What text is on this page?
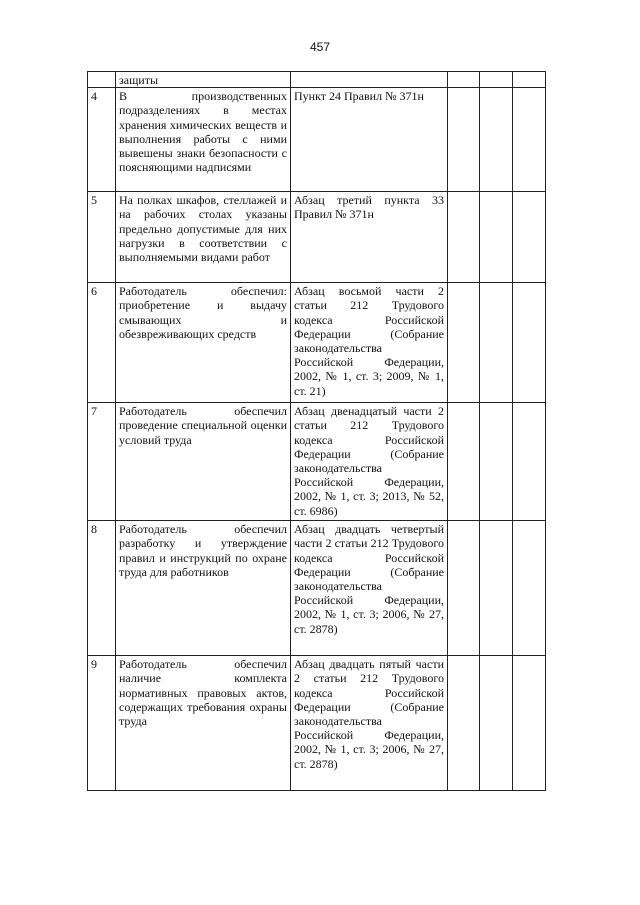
457
	защиты				
4	В производственных подразделениях в местах хранения химических веществ и выполнения работы с ними вывешены знаки безопасности с поясняющими надписями	Пункт 24 Правил № 371н			
5	На полках шкафов, стеллажей и на рабочих столах указаны предельно допустимые для них нагрузки в соответствии с выполняемыми видами работ	Абзац третий пункта 33 Правил № 371н			
6	Работодатель обеспечил: приобретение и выдачу смывающих и обезвреживающих средств	Абзац восьмой части 2 статьи 212 Трудового кодекса Российской Федерации (Собрание законодательства Российской Федерации, 2002, № 1, ст. 3; 2009, № 1, ст. 21)			
7	Работодатель обеспечил проведение специальной оценки условий труда	Абзац двенадцатый части 2 статьи 212 Трудового кодекса Российской Федерации (Собрание законодательства Российской Федерации, 2002, № 1, ст. 3; 2013, № 52, ст. 6986)			
8	Работодатель обеспечил разработку и утверждение правил и инструкций по охране труда для работников	Абзац двадцать четвертый части 2 статьи 212 Трудового кодекса Российской Федерации (Собрание законодательства Российской Федерации, 2002, № 1, ст. 3; 2006, № 27, ст. 2878)			
9	Работодатель обеспечил наличие комплекта нормативных правовых актов, содержащих требования охраны труда	Абзац двадцать пятый части 2 статьи 212 Трудового кодекса Российской Федерации (Собрание законодательства Российской Федерации, 2002, № 1, ст. 3; 2006, № 27, ст. 2878)			
